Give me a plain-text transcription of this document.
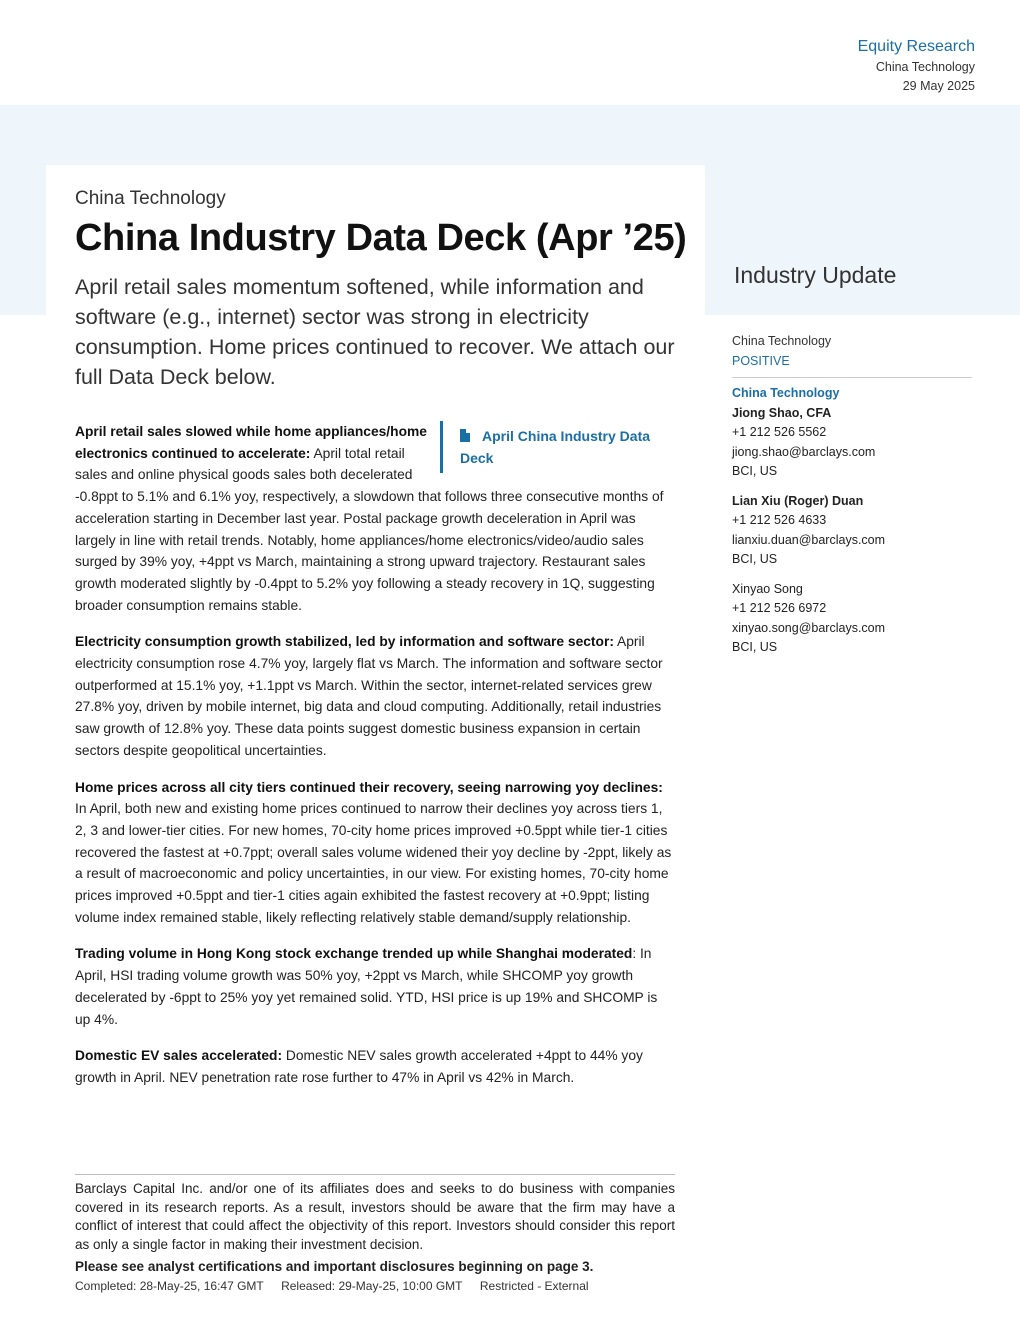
Equity Research
China Technology
29 May 2025
China Technology
China Industry Data Deck (Apr ’25)
April retail sales momentum softened, while information and software (e.g., internet) sector was strong in electricity consumption. Home prices continued to recover. We attach our full Data Deck below.
Industry Update
China Technology
POSITIVE
China Technology
Jiong Shao, CFA
+1 212 526 5562
jiong.shao@barclays.com
BCI, US
Lian Xiu (Roger) Duan
+1 212 526 4633
lianxiu.duan@barclays.com
BCI, US
Xinyao Song
+1 212 526 6972
xinyao.song@barclays.com
BCI, US
April China Industry Data Deck

April retail sales slowed while home appliances/home electronics continued to accelerate: April total retail sales and online physical goods sales both decelerated -0.8ppt to 5.1% and 6.1% yoy, respectively, a slowdown that follows three consecutive months of acceleration starting in December last year. Postal package growth deceleration in April was largely in line with retail trends. Notably, home appliances/home electronics/video/audio sales surged by 39% yoy, +4ppt vs March, maintaining a strong upward trajectory. Restaurant sales growth moderated slightly by -0.4ppt to 5.2% yoy following a steady recovery in 1Q, suggesting broader consumption remains stable.

Electricity consumption growth stabilized, led by information and software sector: April electricity consumption rose 4.7% yoy, largely flat vs March. The information and software sector outperformed at 15.1% yoy, +1.1ppt vs March. Within the sector, internet-related services grew 27.8% yoy, driven by mobile internet, big data and cloud computing. Additionally, retail industries saw growth of 12.8% yoy. These data points suggest domestic business expansion in certain sectors despite geopolitical uncertainties.

Home prices across all city tiers continued their recovery, seeing narrowing yoy declines: In April, both new and existing home prices continued to narrow their declines yoy across tiers 1, 2, 3 and lower-tier cities. For new homes, 70-city home prices improved +0.5ppt while tier-1 cities recovered the fastest at +0.7ppt; overall sales volume widened their yoy decline by -2ppt, likely as a result of macroeconomic and policy uncertainties, in our view. For existing homes, 70-city home prices improved +0.5ppt and tier-1 cities again exhibited the fastest recovery at +0.9ppt; listing volume index remained stable, likely reflecting relatively stable demand/supply relationship.

Trading volume in Hong Kong stock exchange trended up while Shanghai moderated: In April, HSI trading volume growth was 50% yoy, +2ppt vs March, while SHCOMP yoy growth decelerated by -6ppt to 25% yoy yet remained solid. YTD, HSI price is up 19% and SHCOMP is up 4%.

Domestic EV sales accelerated: Domestic NEV sales growth accelerated +4ppt to 44% yoy growth in April. NEV penetration rate rose further to 47% in April vs 42% in March.

Barclays Capital Inc. and/or one of its affiliates does and seeks to do business with companies covered in its research reports. As a result, investors should be aware that the firm may have a conflict of interest that could affect the objectivity of this report. Investors should consider this report as only a single factor in making their investment decision.
Please see analyst certifications and important disclosures beginning on page 3.
Completed: 28-May-25, 16:47 GMT Released: 29-May-25, 10:00 GMT Restricted - External
